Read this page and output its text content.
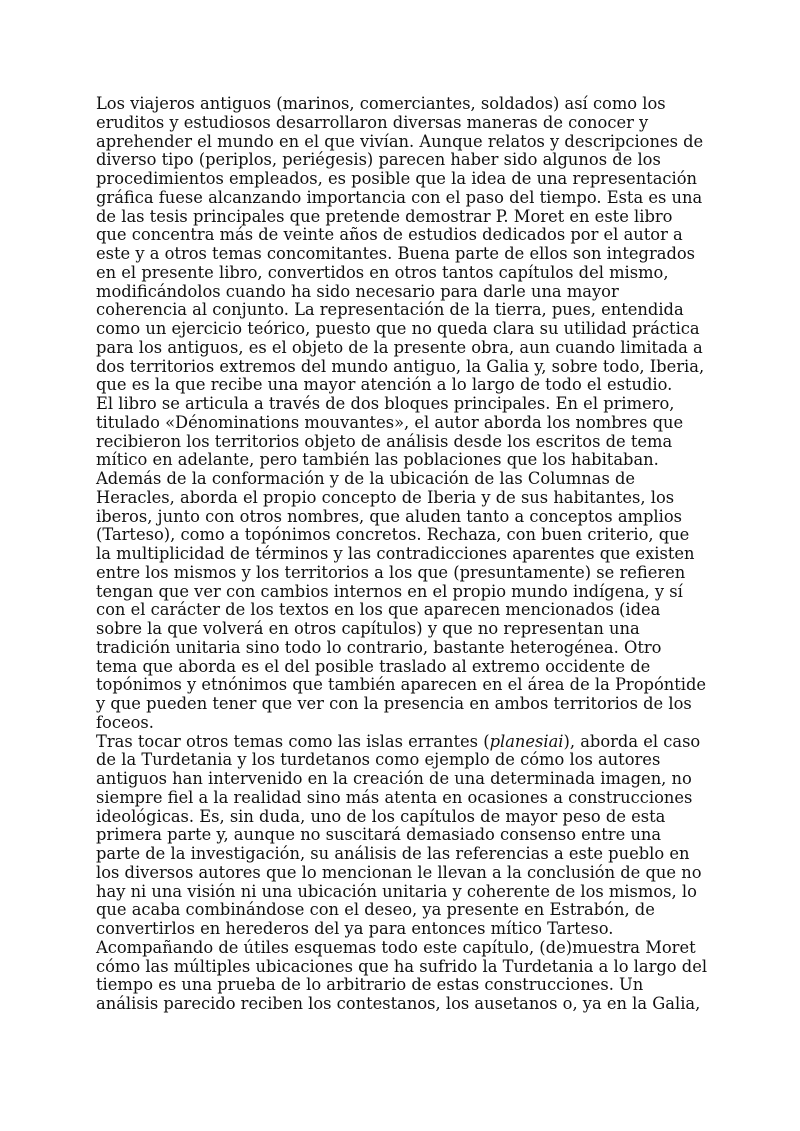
Los viajeros antiguos (marinos, comerciantes, soldados) así como los
eruditos y estudiosos desarrollaron diversas maneras de conocer y
aprehender el mundo en el que vivían. Aunque relatos y descripciones de
diverso tipo (periplos, periégesis) parecen haber sido algunos de los
procedimientos empleados, es posible que la idea de una representación
gráfica fuese alcanzando importancia con el paso del tiempo. Esta es una
de las tesis principales que pretende demostrar P. Moret en este libro
que concentra más de veinte años de estudios dedicados por el autor a
este y a otros temas concomitantes. Buena parte de ellos son integrados
en el presente libro, convertidos en otros tantos capítulos del mismo,
modificándolos cuando ha sido necesario para darle una mayor
coherencia al conjunto. La representación de la tierra, pues, entendida
como un ejercicio teórico, puesto que no queda clara su utilidad práctica
para los antiguos, es el objeto de la presente obra, aun cuando limitada a
dos territorios extremos del mundo antiguo, la Galia y, sobre todo, Iberia,
que es la que recibe una mayor atención a lo largo de todo el estudio.
El libro se articula a través de dos bloques principales. En el primero,
titulado «Dénominations mouvantes», el autor aborda los nombres que
recibieron los territorios objeto de análisis desde los escritos de tema
mítico en adelante, pero también las poblaciones que los habitaban.
Además de la conformación y de la ubicación de las Columnas de
Heracles, aborda el propio concepto de Iberia y de sus habitantes, los
iberos, junto con otros nombres, que aluden tanto a conceptos amplios
(Tarteso), como a topónimos concretos. Rechaza, con buen criterio, que
la multiplicidad de términos y las contradicciones aparentes que existen
entre los mismos y los territorios a los que (presuntamente) se refieren
tengan que ver con cambios internos en el propio mundo indígena, y sí
con el carácter de los textos en los que aparecen mencionados (idea
sobre la que volverá en otros capítulos) y que no representan una
tradición unitaria sino todo lo contrario, bastante heterogénea. Otro
tema que aborda es el del posible traslado al extremo occidente de
topónimos y etnónimos que también aparecen en el área de la Propóntide
y que pueden tener que ver con la presencia en ambos territorios de los
foceos.
Tras tocar otros temas como las islas errantes (planesiai), aborda el caso
de la Turdetania y los turdetanos como ejemplo de cómo los autores
antiguos han intervenido en la creación de una determinada imagen, no
siempre fiel a la realidad sino más atenta en ocasiones a construcciones
ideológicas. Es, sin duda, uno de los capítulos de mayor peso de esta
primera parte y, aunque no suscitará demasiado consenso entre una
parte de la investigación, su análisis de las referencias a este pueblo en
los diversos autores que lo mencionan le llevan a la conclusión de que no
hay ni una visión ni una ubicación unitaria y coherente de los mismos, lo
que acaba combinándose con el deseo, ya presente en Estrabón, de
convertirlos en herederos del ya para entonces mítico Tarteso.
Acompañando de útiles esquemas todo este capítulo, (de)muestra Moret
cómo las múltiples ubicaciones que ha sufrido la Turdetania a lo largo del
tiempo es una prueba de lo arbitrario de estas construcciones. Un
análisis parecido reciben los contestanos, los ausetanos o, ya en la Galia,
